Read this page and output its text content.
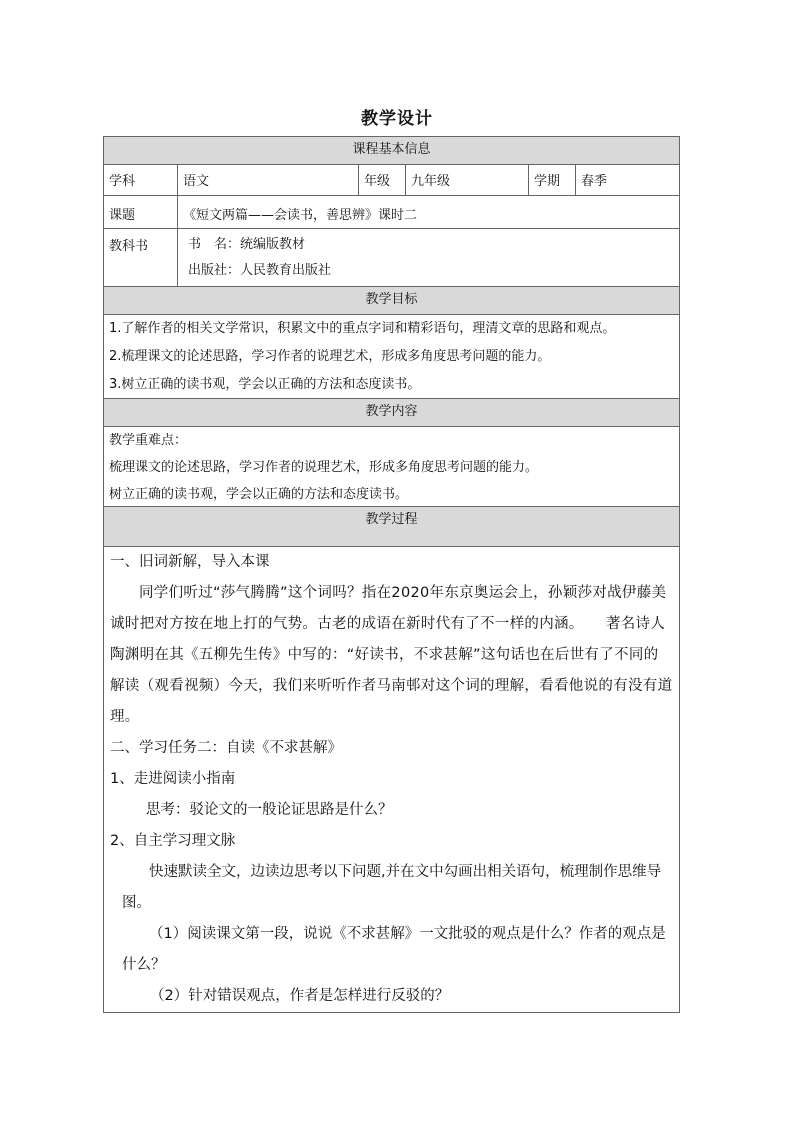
教学设计
课程基本信息
学科	语文	年级	九年级	学期	春季
课题	《短文两篇——会读书，善思辨》课时二
教科书	书　名：统编版教材
出版社：人民教育出版社
教学目标
1.了解作者的相关文学常识，积累文中的重点字词和精彩语句，理清文章的思路和观点。
2.梳理课文的论述思路，学习作者的说理艺术，形成多角度思考问题的能力。
3.树立正确的读书观，学会以正确的方法和态度读书。
教学内容
教学重难点：
梳理课文的论述思路，学习作者的说理艺术，形成多角度思考问题的能力。
树立正确的读书观，学会以正确的方法和态度读书。
教学过程
一、旧词新解，导入本课
同学们听过“莎气腾腾”这个词吗？指在2020年东京奥运会上，孙颖莎对战伊藤美诚时把对方按在地上打的气势。古老的成语在新时代有了不一样的内涵。　　著名诗人陶渊明在其《五柳先生传》中写的：“好读书，不求甚解”这句话也在后世有了不同的解读（观看视频）今天，我们来听听作者马南邨对这个词的理解，看看他说的有没有道理。
二、学习任务二：自读《不求甚解》
1、走进阅读小指南
思考：驳论文的一般论证思路是什么？
2、自主学习理文脉
快速默读全文，边读边思考以下问题,并在文中勾画出相关语句，梳理制作思维导图。
（1）阅读课文第一段，说说《不求甚解》一文批驳的观点是什么？作者的观点是什么？
（2）针对错误观点，作者是怎样进行反驳的？
